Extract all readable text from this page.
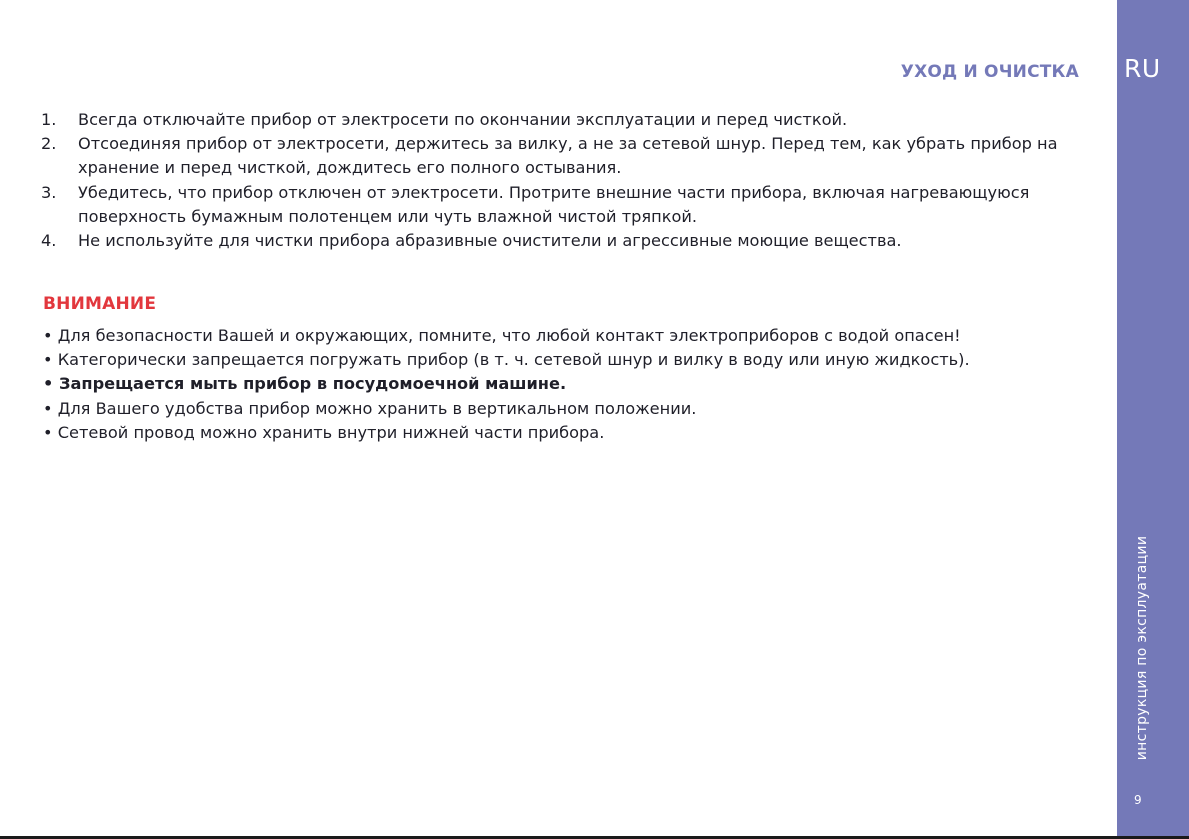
RU
инструкция по эксплуатации
9
УХОД И ОЧИСТКА
1. Всегда отключайте прибор от электросети по окончании эксплуатации и перед чисткой.
2. Отсоединяя прибор от электросети, держитесь за вилку, а не за сетевой шнур. Перед тем, как убрать прибор на хранение и перед чисткой, дождитесь его полного остывания.
3. Убедитесь, что прибор отключен от электросети. Протрите внешние части прибора, включая нагревающуюся поверхность бумажным полотенцем или чуть влажной чистой тряпкой.
4. Не используйте для чистки прибора абразивные очистители и агрессивные моющие вещества.
ВНИМАНИЕ
• Для безопасности Вашей и окружающих, помните, что любой контакт электроприборов с водой опасен!
• Категорически запрещается погружать прибор (в т. ч. сетевой шнур и вилку в воду или иную жидкость).
• Запрещается мыть прибор в посудомоечной машине.
• Для Вашего удобства прибор можно хранить в вертикальном положении.
• Сетевой провод можно хранить внутри нижней части прибора.
